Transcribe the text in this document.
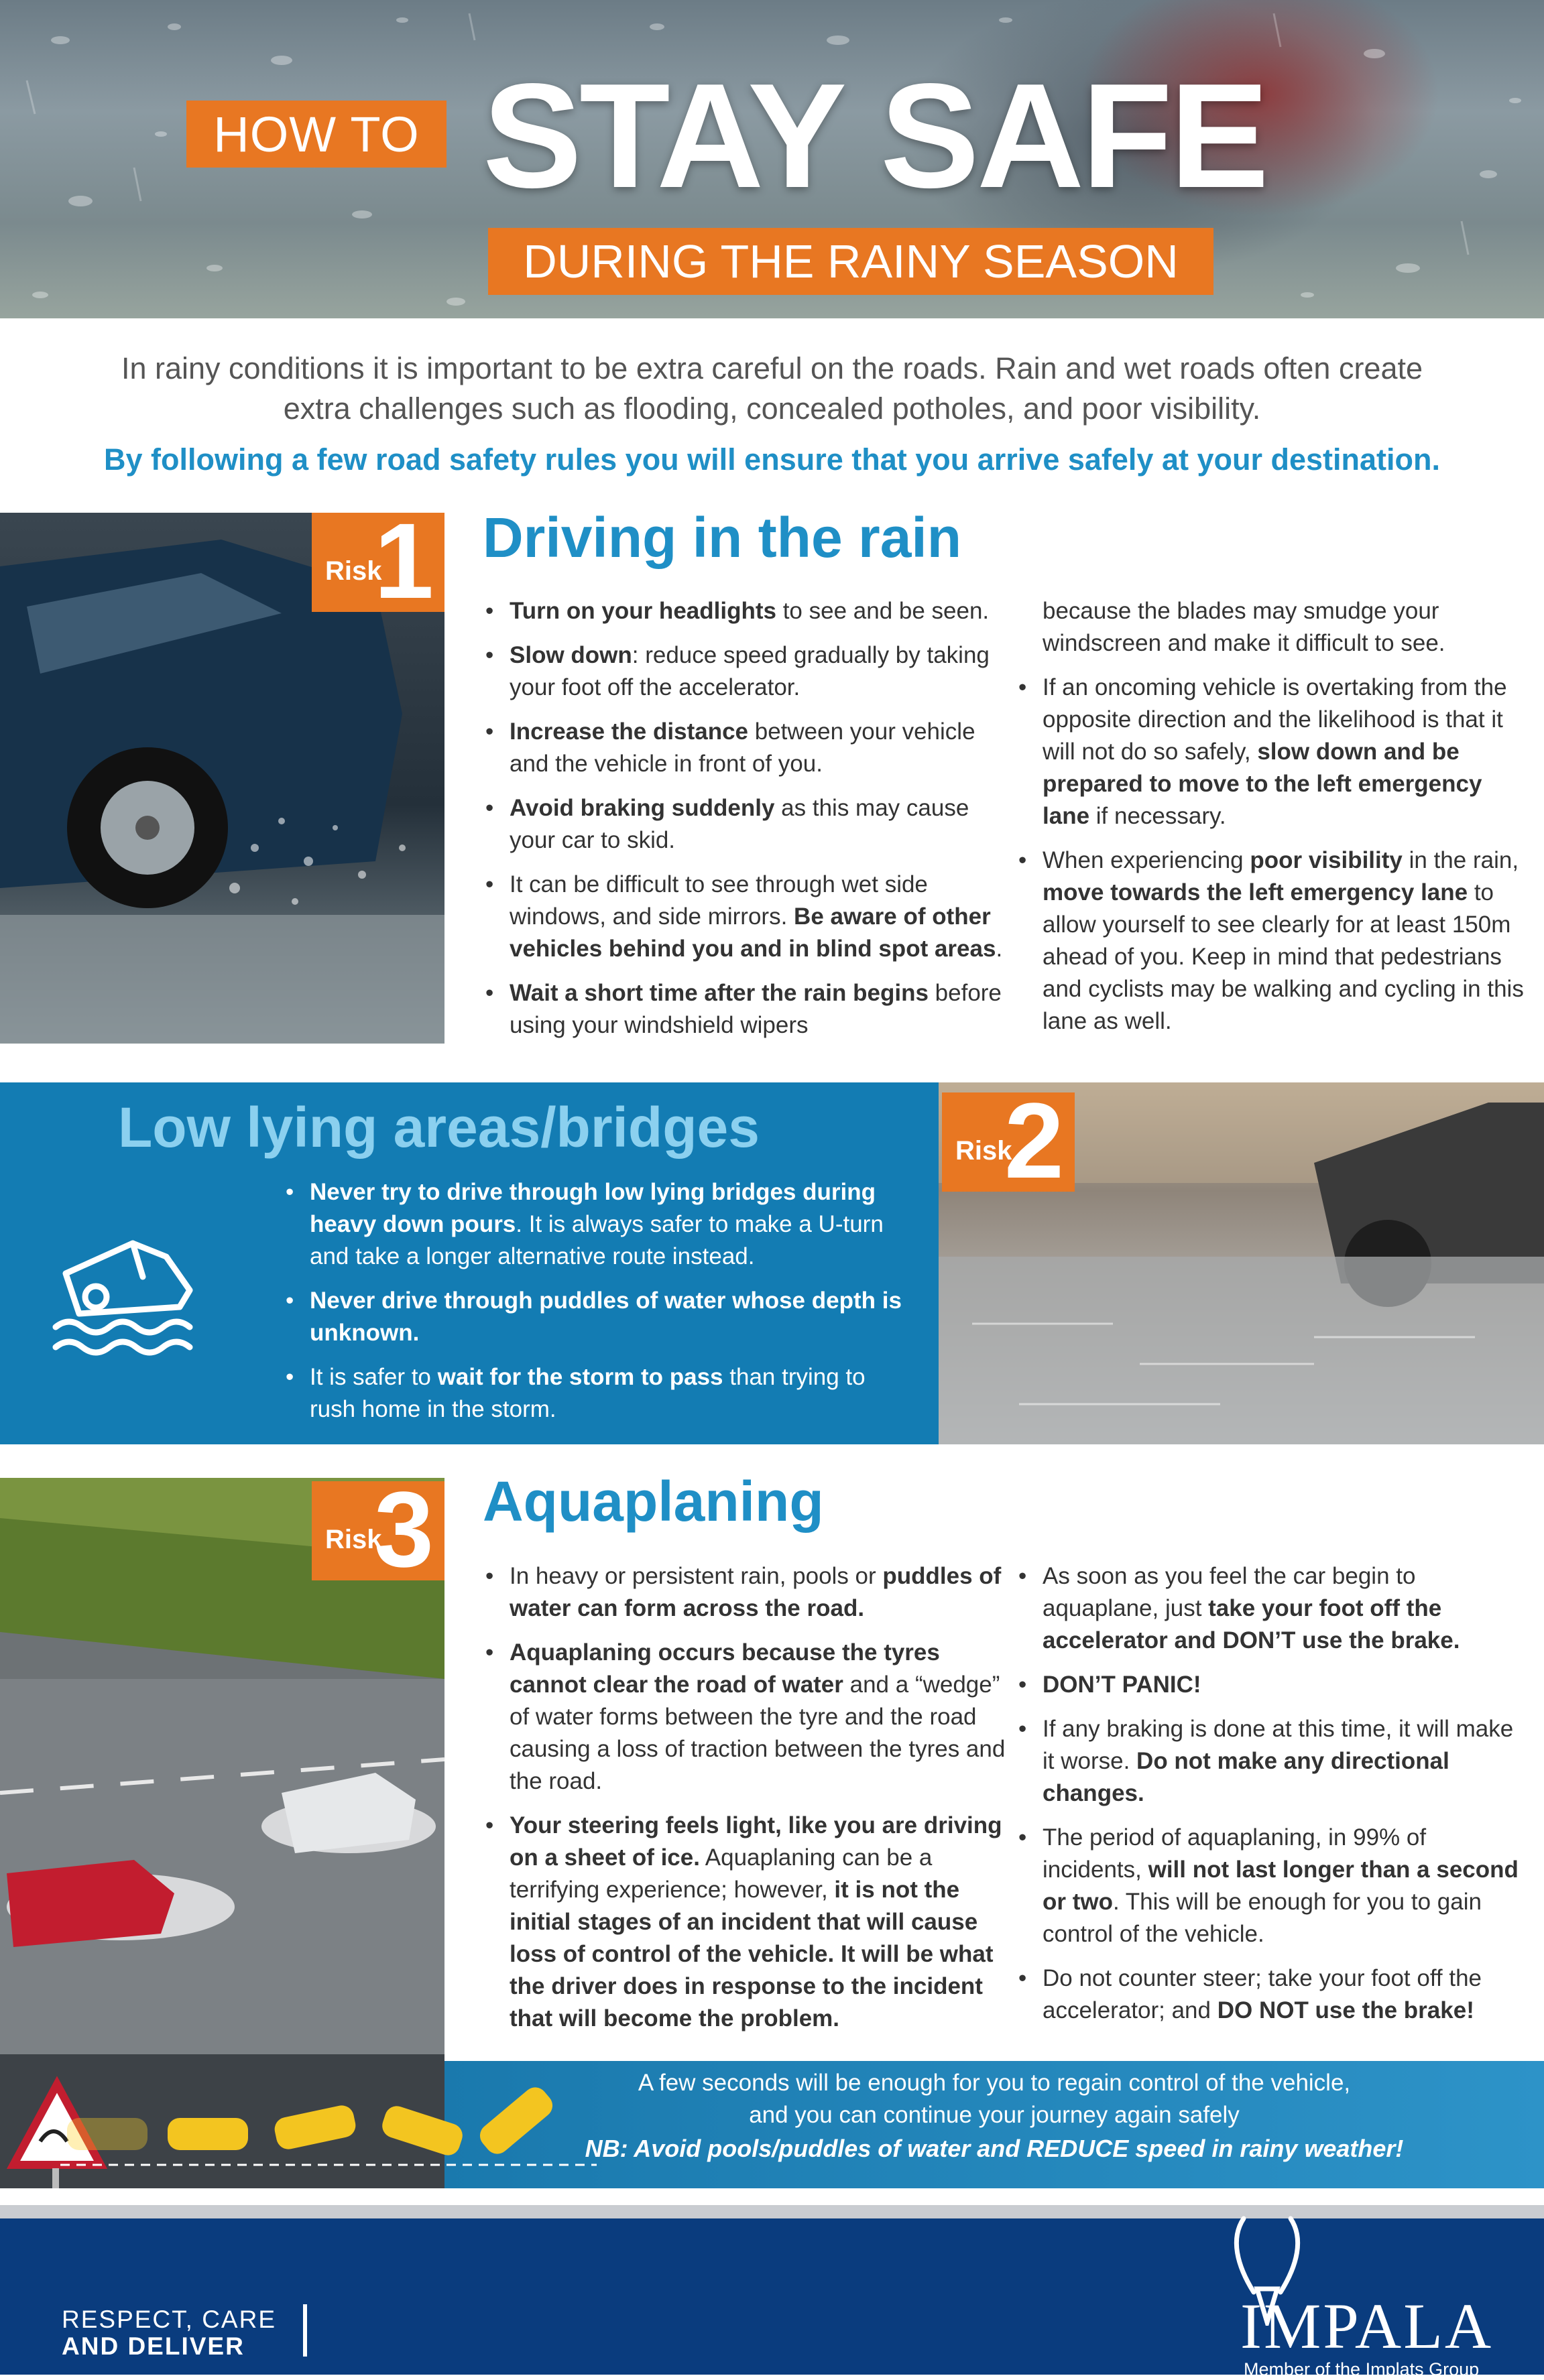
HOW TO STAY SAFE
DURING THE RAINY SEASON
In rainy conditions it is important to be extra careful on the roads. Rain and wet roads often create
extra challenges such as flooding, concealed potholes, and poor visibility.
By following a few road safety rules you will ensure that you arrive safely at your destination.
Risk
1 Driving in the rain
• Turn on your headlights to see and be seen.
• Slow down: reduce speed gradually by taking your foot off the accelerator.
• Increase the distance between your vehicle and the vehicle in front of you.
• Avoid braking suddenly as this may cause your car to skid.
• It can be difficult to see through wet side windows, and side mirrors. Be aware of other vehicles behind you and in blind spot areas.
• Wait a short time after the rain begins before using your windshield wipers
because the blades may smudge your windscreen and make it difficult to see.
• If an oncoming vehicle is overtaking from the opposite direction and the likelihood is that it will not do so safely, slow down and be prepared to move to the left emergency lane if necessary.
• When experiencing poor visibility in the rain, move towards the left emergency lane to allow yourself to see clearly for at least 150m ahead of you. Keep in mind that pedestrians and cyclists may be walking and cycling in this lane as well.
Low lying areas/bridges
• Never try to drive through low lying bridges during heavy down pours. It is always safer to make a U-turn and take a longer alternative route instead.
• Never drive through puddles of water whose depth is unknown.
• It is safer to wait for the storm to pass than trying to rush home in the storm.
Risk
2
Risk
3 Aquaplaning
• In heavy or persistent rain, pools or puddles of water can form across the road.
• Aquaplaning occurs because the tyres cannot clear the road of water and a “wedge” of water forms between the tyre and the road causing a loss of traction between the tyres and the road.
• Your steering feels light, like you are driving on a sheet of ice. Aquaplaning can be a terrifying experience; however, it is not the initial stages of an incident that will cause loss of control of the vehicle. It will be what the driver does in response to the incident that will become the problem.
• As soon as you feel the car begin to aquaplane, just take your foot off the accelerator and DON’T use the brake.
• DON’T PANIC!
• If any braking is done at this time, it will make it worse. Do not make any directional changes.
• The period of aquaplaning, in 99% of incidents, will not last longer than a second or two. This will be enough for you to gain control of the vehicle.
• Do not counter steer; take your foot off the accelerator; and DO NOT use the brake!
A few seconds will be enough for you to regain control of the vehicle,
and you can continue your journey again safely
NB: Avoid pools/puddles of water and REDUCE speed in rainy weather!
RESPECT, CARE
AND DELIVER	IMPALA
Member of the Implats Group
